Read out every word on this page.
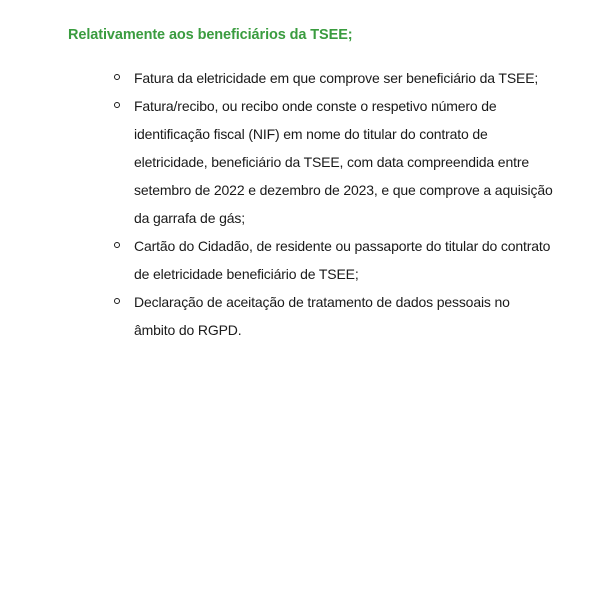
Relativamente aos beneficiários da TSEE;

Fatura da eletricidade em que comprove ser beneficiário da TSEE;
Fatura/recibo, ou recibo onde conste o respetivo número de identificação fiscal (NIF) em nome do titular do contrato de eletricidade, beneficiário da TSEE, com data compreendida entre setembro de 2022 e dezembro de 2023, e que comprove a aquisição da garrafa de gás;
Cartão do Cidadão, de residente ou passaporte do titular do contrato de eletricidade beneficiário de TSEE;
Declaração de aceitação de tratamento de dados pessoais no âmbito do RGPD.
